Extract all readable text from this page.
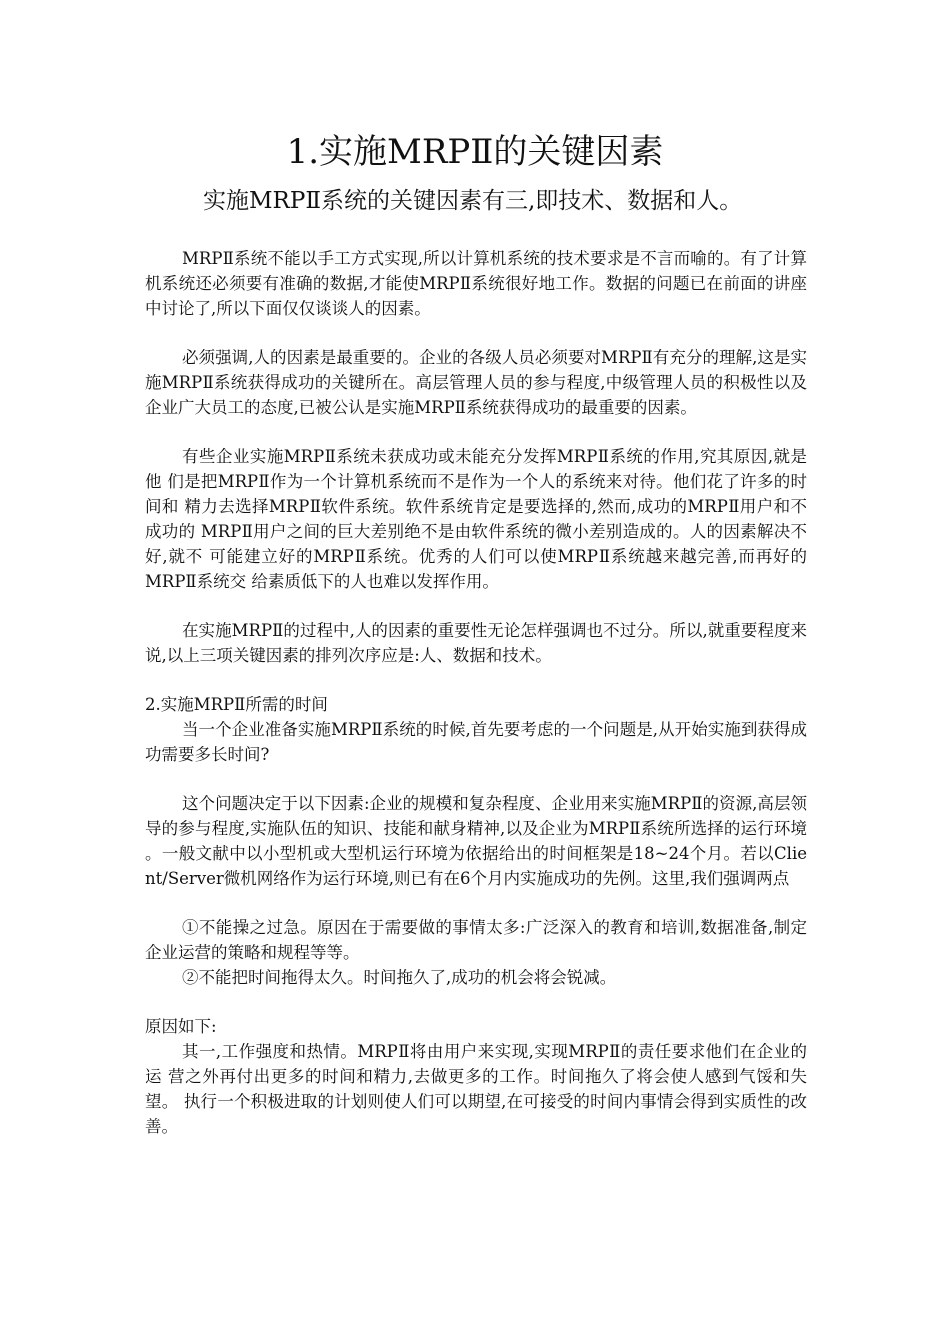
1.实施MRPⅡ的关键因素

实施MRPⅡ系统的关键因素有三,即技术、数据和人。

MRPⅡ系统不能以手工方式实现,所以计算机系统的技术要求是不言而喻的。有了计算 机系统还必须要有准确的数据,才能使MRPⅡ系统很好地工作。数据的问题已在前面的讲座 中讨论了,所以下面仅仅谈谈人的因素。

必须强调,人的因素是最重要的。企业的各级人员必须要对MRPⅡ有充分的理解,这是实 施MRPⅡ系统获得成功的关键所在。高层管理人员的参与程度,中级管理人员的积极性以及 企业广大员工的态度,已被公认是实施MRPⅡ系统获得成功的最重要的因素。

有些企业实施MRPⅡ系统未获成功或未能充分发挥MRPⅡ系统的作用,究其原因,就是他 们是把MRPⅡ作为一个计算机系统而不是作为一个人的系统来对待。他们花了许多的时间和 精力去选择MRPⅡ软件系统。软件系统肯定是要选择的,然而,成功的MRPⅡ用户和不成功的 MRPⅡ用户之间的巨大差别绝不是由软件系统的微小差别造成的。人的因素解决不好,就不 可能建立好的MRPⅡ系统。优秀的人们可以使MRPⅡ系统越来越完善,而再好的MRPⅡ系统交 给素质低下的人也难以发挥作用。

在实施MRPⅡ的过程中,人的因素的重要性无论怎样强调也不过分。所以,就重要程度来 说,以上三项关键因素的排列次序应是:人、数据和技术。

2.实施MRPⅡ所需的时间

当一个企业准备实施MRPⅡ系统的时候,首先要考虑的一个问题是,从开始实施到获得成 功需要多长时间?

这个问题决定于以下因素:企业的规模和复杂程度、企业用来实施MRPⅡ的资源,高层领 导的参与程度,实施队伍的知识、技能和献身精神,以及企业为MRPⅡ系统所选择的运行环境 。一般文献中以小型机或大型机运行环境为依据给出的时间框架是18~24个月。若以Clie nt/Server微机网络作为运行环境,则已有在6个月内实施成功的先例。这里,我们强调两点

①不能操之过急。原因在于需要做的事情太多:广泛深入的教育和培训,数据准备,制定 企业运营的策略和规程等等。

②不能把时间拖得太久。时间拖久了,成功的机会将会锐减。

原因如下:

其一,工作强度和热情。MRPⅡ将由用户来实现,实现MRPⅡ的责任要求他们在企业的运 营之外再付出更多的时间和精力,去做更多的工作。时间拖久了将会使人感到气馁和失望。 执行一个积极进取的计划则使人们可以期望,在可接受的时间内事情会得到实质性的改善。
